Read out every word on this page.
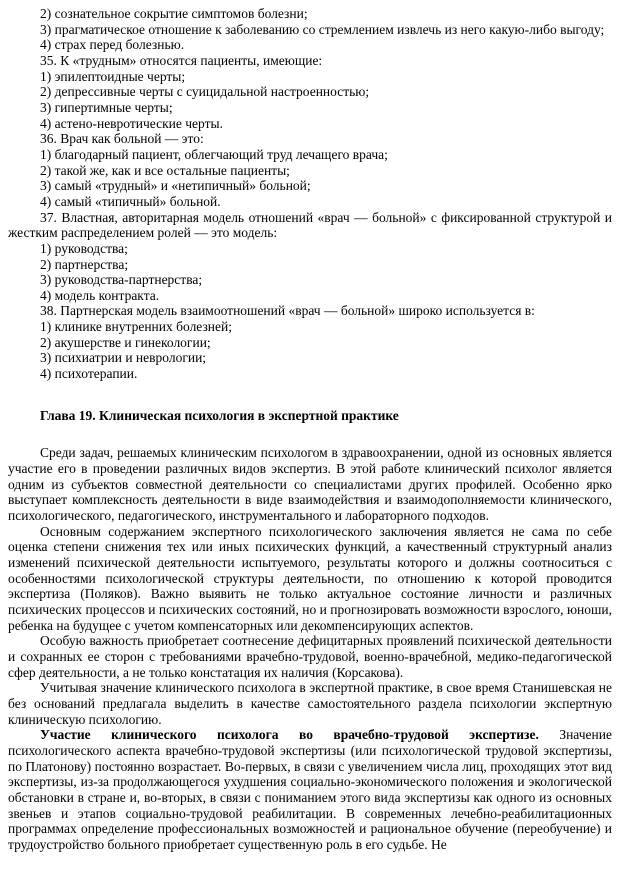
2) сознательное сокрытие симптомов болезни;

3) прагматическое отношение к заболеванию со стремлением извлечь из него какую-либо выгоду;

4) страх перед болезнью.

35. К «трудным» относятся пациенты, имеющие:

1) эпилептоидные черты;

2) депрессивные черты с суицидальной настроенностью;

3) гипертимные черты;

4) астено-невротические черты.

36. Врач как больной — это:

1) благодарный пациент, облегчающий труд лечащего врача;

2) такой же, как и все остальные пациенты;

3) самый «трудный» и «нетипичный» больной;

4) самый «типичный» больной.

37. Властная, авторитарная модель отношений «врач — больной» с фиксированной структурой и жестким распределением ролей — это модель:

1) руководства;

2) партнерства;

3) руководства-партнерства;

4) модель контракта.

38. Партнерская модель взаимоотношений «врач — больной» широко используется в:

1) клинике внутренних болезней;

2) акушерстве и гинекологии;

3) психиатрии и неврологии;

4) психотерапии.

Глава 19. Клиническая психология в экспертной практике

Среди задач, решаемых клиническим психологом в здравоохранении, одной из основных является участие его в проведении различных видов экспертиз. В этой работе клинический психолог является одним из субъектов совместной деятельности со специалистами других профилей. Особенно ярко выступает комплексность деятельности в виде взаимодействия и взаимодополняемости клинического, психологического, педагогического, инструментального и лабораторного подходов.

Основным содержанием экспертного психологического заключения является не сама по себе оценка степени снижения тех или иных психических функций, а качественный структурный анализ изменений психической деятельности испытуемого, результаты которого и должны соотноситься с особенностями психологической структуры деятельности, по отношению к которой проводится экспертиза (Поляков). Важно выявить не только актуальное состояние личности и различных психических процессов и психических состояний, но и прогнозировать возможности взрослого, юноши, ребенка на будущее с учетом компенсаторных или декомпенсирующих аспектов.

Особую важность приобретает соотнесение дефицитарных проявлений психической деятельности и сохранных ее сторон с требованиями врачебно-трудовой, военно-врачебной, медико-педагогической сфер деятельности, а не только констатация их наличия (Корсакова).

Учитывая значение клинического психолога в экспертной практике, в свое время Станишевская не без оснований предлагала выделить в качестве самостоятельного раздела психологии экспертную клиническую психологию.

Участие клинического психолога во врачебно-трудовой экспертизе. Значение психологического аспекта врачебно-трудовой экспертизы (или психологической трудовой экспертизы, по Платонову) постоянно возрастает. Во-первых, в связи с увеличением числа лиц, проходящих этот вид экспертизы, из-за продолжающегося ухудшения социально-экономического положения и экологической обстановки в стране и, во-вторых, в связи с пониманием этого вида экспертизы как одного из основных звеньев и этапов социально-трудовой реабилитации. В современных лечебно-реабилитационных программах определение профессиональных возможностей и рациональное обучение (переобучение) и трудоустройство больного приобретает существенную роль в его судьбе. Не
